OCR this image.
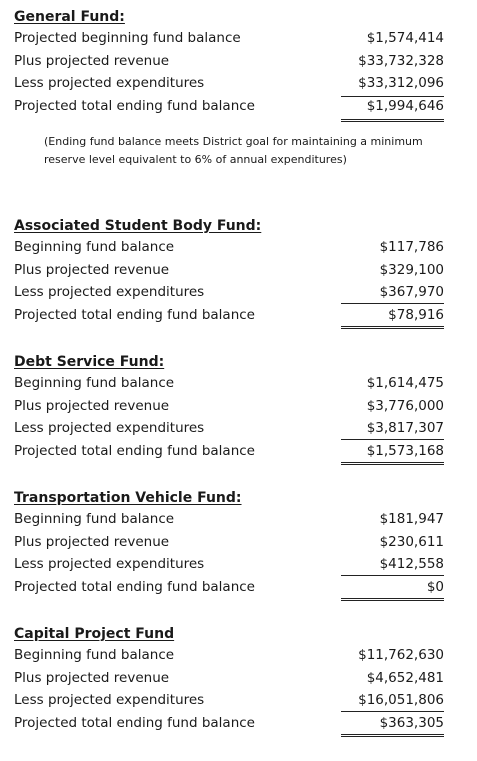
General Fund:
Projected beginning fund balance	$1,574,414
Plus projected revenue	$33,732,328
Less projected expenditures	$33,312,096
Projected total ending fund balance	$1,994,646
(Ending fund balance meets District goal for maintaining a minimum reserve level equivalent to 6% of annual expenditures)
Associated Student Body Fund:
Beginning fund balance	$117,786
Plus projected revenue	$329,100
Less projected expenditures	$367,970
Projected total ending fund balance	$78,916
Debt Service Fund:
Beginning fund balance	$1,614,475
Plus projected revenue	$3,776,000
Less projected expenditures	$3,817,307
Projected total ending fund balance	$1,573,168
Transportation Vehicle Fund:
Beginning fund balance	$181,947
Plus projected revenue	$230,611
Less projected expenditures	$412,558
Projected total ending fund balance	$0
Capital Project Fund
Beginning fund balance	$11,762,630
Plus projected revenue	$4,652,481
Less projected expenditures	$16,051,806
Projected total ending fund balance	$363,305
